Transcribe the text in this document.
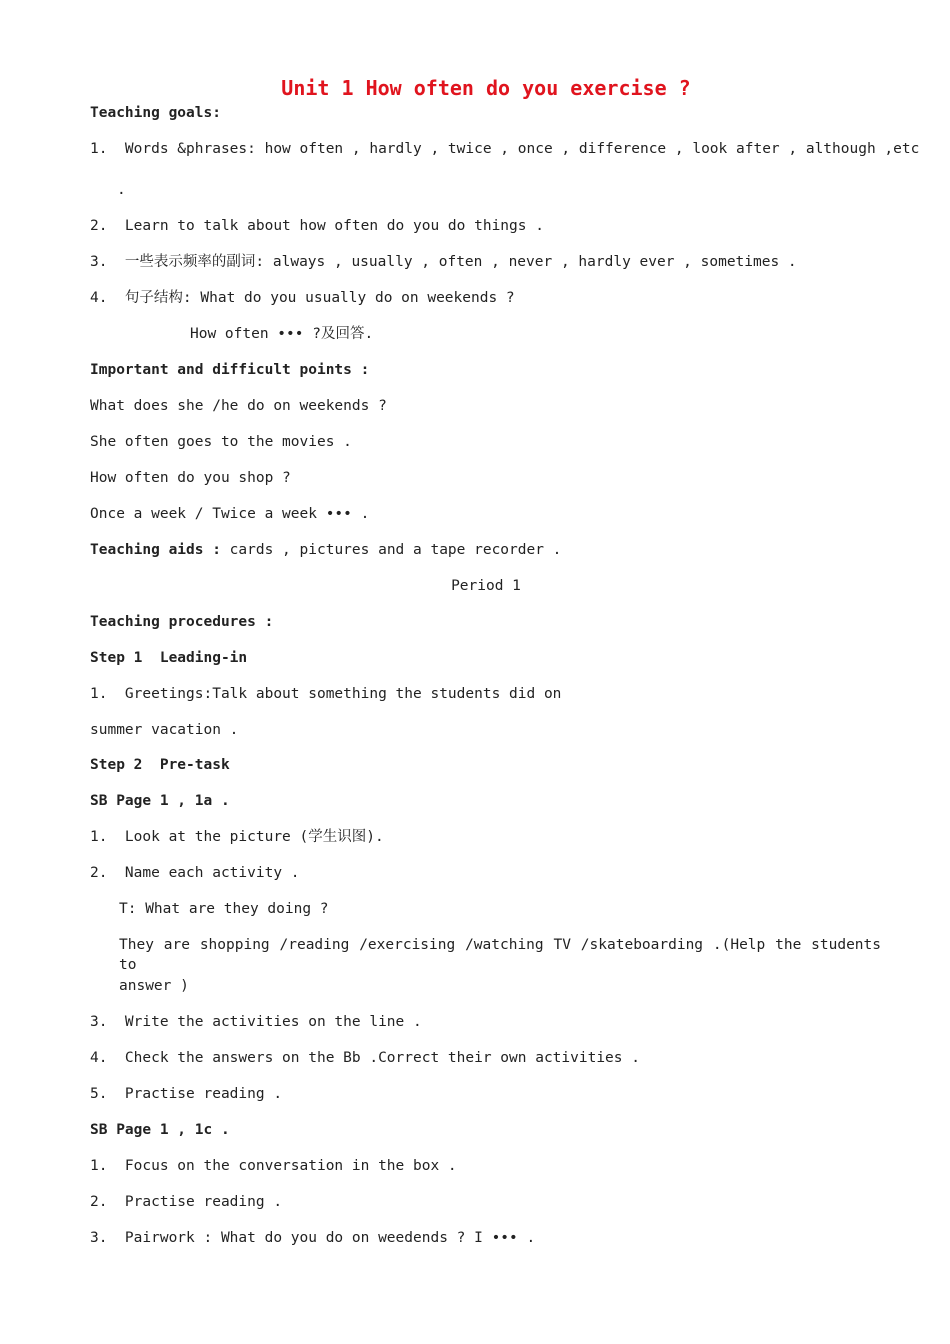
Unit 1 How often do you exercise ?
Teaching goals:
1.  Words &phrases: how often , hardly , twice , once , difference , look after , although ,etc
.
2.  Learn to talk about how often do you do things .
3.  一些表示频率的副词: always , usually , often , never , hardly ever , sometimes .
4.  句子结构: What do you usually do on weekends ?
How often ••• ?及回答.
Important and difficult points :
What does she /he do on weekends ?
She often goes to the movies .
How often do you shop ?
Once a week / Twice a week ••• .
Teaching aids : cards , pictures and a tape recorder .
Period 1
Teaching procedures :
Step 1  Leading-in
1.  Greetings:Talk about something the students did on
summer vacation .
Step 2  Pre-task
SB Page 1 , 1a .
1.  Look at the picture (学生识图).
2.  Name each activity .
T: What are they doing ?
They are shopping /reading /exercising /watching TV /skateboarding .(Help the students to
answer )
3.  Write the activities on the line .
4.  Check the answers on the Bb .Correct their own activities .
5.  Practise reading .
SB Page 1 , 1c .
1.  Focus on the conversation in the box .
2.  Practise reading .
3.  Pairwork : What do you do on weedends ? I ••• .
